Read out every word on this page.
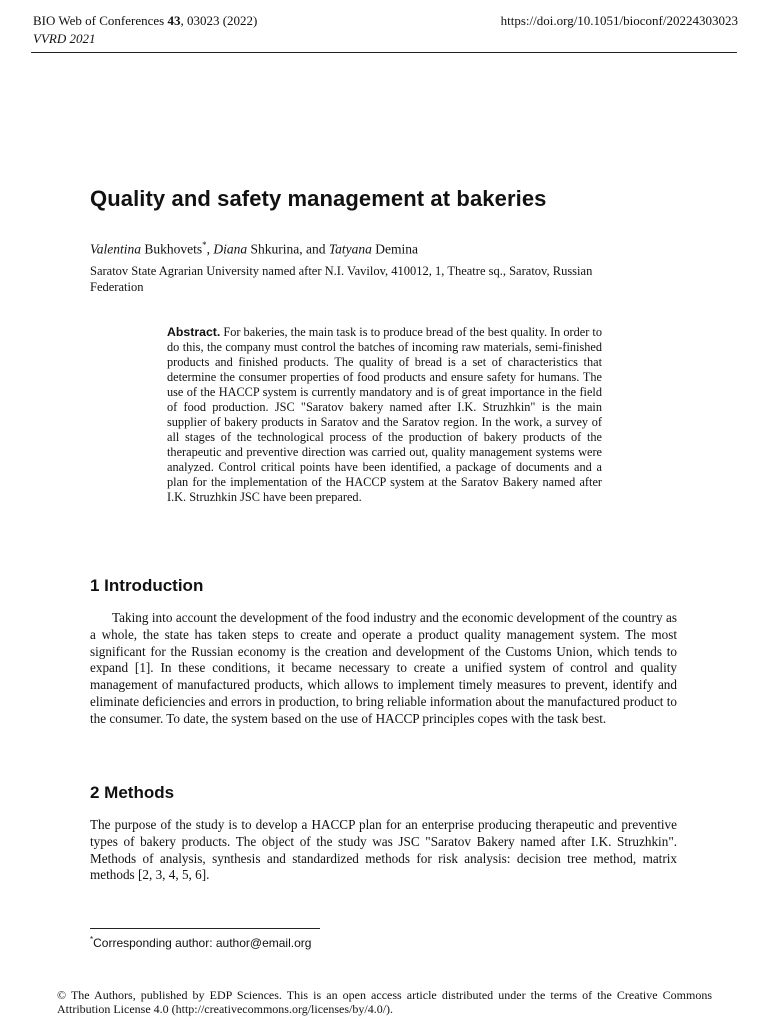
BIO Web of Conferences 43, 03023 (2022)
VVRD 2021
https://doi.org/10.1051/bioconf/20224303023
Quality and safety management at bakeries
Valentina Bukhovets*, Diana Shkurina, and Tatyana Demina
Saratov State Agrarian University named after N.I. Vavilov, 410012, 1, Theatre sq., Saratov, Russian Federation
Abstract. For bakeries, the main task is to produce bread of the best quality. In order to do this, the company must control the batches of incoming raw materials, semi-finished products and finished products. The quality of bread is a set of characteristics that determine the consumer properties of food products and ensure safety for humans. The use of the HACCP system is currently mandatory and is of great importance in the field of food production. JSC "Saratov bakery named after I.K. Struzhkin" is the main supplier of bakery products in Saratov and the Saratov region. In the work, a survey of all stages of the technological process of the production of bakery products of the therapeutic and preventive direction was carried out, quality management systems were analyzed. Control critical points have been identified, a package of documents and a plan for the implementation of the HACCP system at the Saratov Bakery named after I.K. Struzhkin JSC have been prepared.
1 Introduction
Taking into account the development of the food industry and the economic development of the country as a whole, the state has taken steps to create and operate a product quality management system. The most significant for the Russian economy is the creation and development of the Customs Union, which tends to expand [1]. In these conditions, it became necessary to create a unified system of control and quality management of manufactured products, which allows to implement timely measures to prevent, identify and eliminate deficiencies and errors in production, to bring reliable information about the manufactured product to the consumer. To date, the system based on the use of HACCP principles copes with the task best.
2 Methods
The purpose of the study is to develop a HACCP plan for an enterprise producing therapeutic and preventive types of bakery products. The object of the study was JSC "Saratov Bakery named after I.K. Struzhkin". Methods of analysis, synthesis and standardized methods for risk analysis: decision tree method, matrix methods [2, 3, 4, 5, 6].
*Corresponding author: author@email.org
© The Authors, published by EDP Sciences. This is an open access article distributed under the terms of the Creative Commons Attribution License 4.0 (http://creativecommons.org/licenses/by/4.0/).
